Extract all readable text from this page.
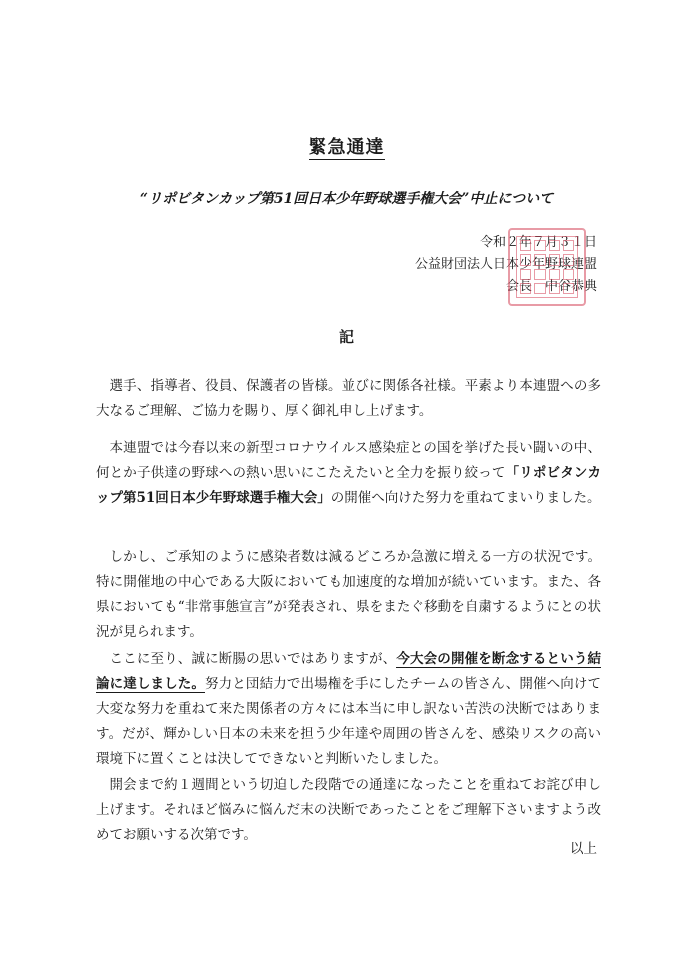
緊急通達
“リポビタンカップ第51回日本少年野球選手権大会”中止について
令和２年７月３１日
公益財団法人日本少年野球連盟
会長　中谷恭典
記
選手、指導者、役員、保護者の皆様。並びに関係各社様。平素より本連盟への多大なるご理解、ご協力を賜り、厚く御礼申し上げます。
本連盟では今春以来の新型コロナウイルス感染症との国を挙げた長い闘いの中、何とか子供達の野球への熱い思いにこたえたいと全力を振り絞って「リポビタンカップ第51回日本少年野球選手権大会」の開催へ向けた努力を重ねてまいりました。
しかし、ご承知のように感染者数は減るどころか急激に増える一方の状況です。特に開催地の中心である大阪においても加速度的な増加が続いています。また、各県においても“非常事態宣言”が発表され、県をまたぐ移動を自粛するようにとの状況が見られます。
ここに至り、誠に断腸の思いではありますが、今大会の開催を断念するという結論に達しました。努力と団結力で出場権を手にしたチームの皆さん、開催へ向けて大変な努力を重ねて来た関係者の方々には本当に申し訳ない苦渋の決断ではあります。だが、輝かしい日本の未来を担う少年達や周囲の皆さんを、感染リスクの高い環境下に置くことは決してできないと判断いたしました。
開会まで約１週間という切迫した段階での通達になったことを重ねてお詫び申し上げます。それほど悩みに悩んだ末の決断であったことをご理解下さいますよう改めてお願いする次第です。
以上
